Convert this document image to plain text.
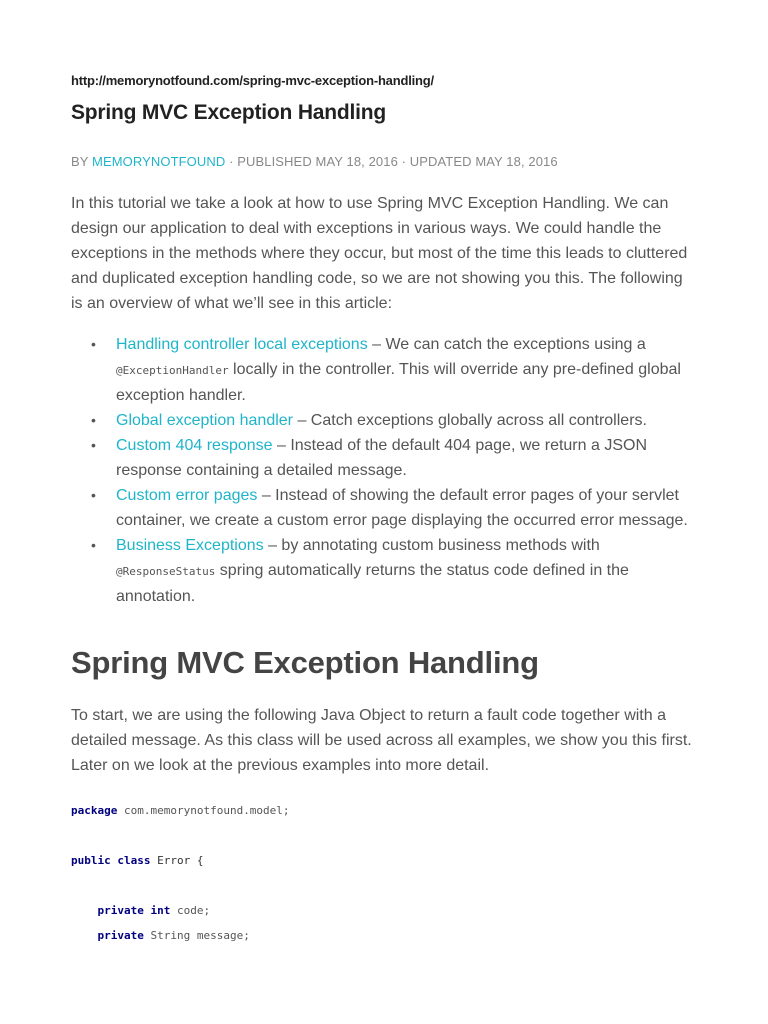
http://memorynotfound.com/spring-mvc-exception-handling/
Spring MVC Exception Handling
BY MEMORYNOTFOUND · PUBLISHED MAY 18, 2016 · UPDATED MAY 18, 2016

In this tutorial we take a look at how to use Spring MVC Exception Handling. We can design our application to deal with exceptions in various ways. We could handle the exceptions in the methods where they occur, but most of the time this leads to cluttered and duplicated exception handling code, so we are not showing you this. The following is an overview of what we’ll see in this article:

• Handling controller local exceptions – We can catch the exceptions using a @ExceptionHandler locally in the controller. This will override any pre-defined global exception handler.
• Global exception handler – Catch exceptions globally across all controllers.
• Custom 404 response – Instead of the default 404 page, we return a JSON response containing a detailed message.
• Custom error pages – Instead of showing the default error pages of your servlet container, we create a custom error page displaying the occurred error message.
• Business Exceptions – by annotating custom business methods with @ResponseStatus spring automatically returns the status code defined in the annotation.
Spring MVC Exception Handling

To start, we are using the following Java Object to return a fault code together with a detailed message. As this class will be used across all examples, we show you this first. Later on we look at the previous examples into more detail.

package com.memorynotfound.model;
public class Error {
private int code;
private String message;
